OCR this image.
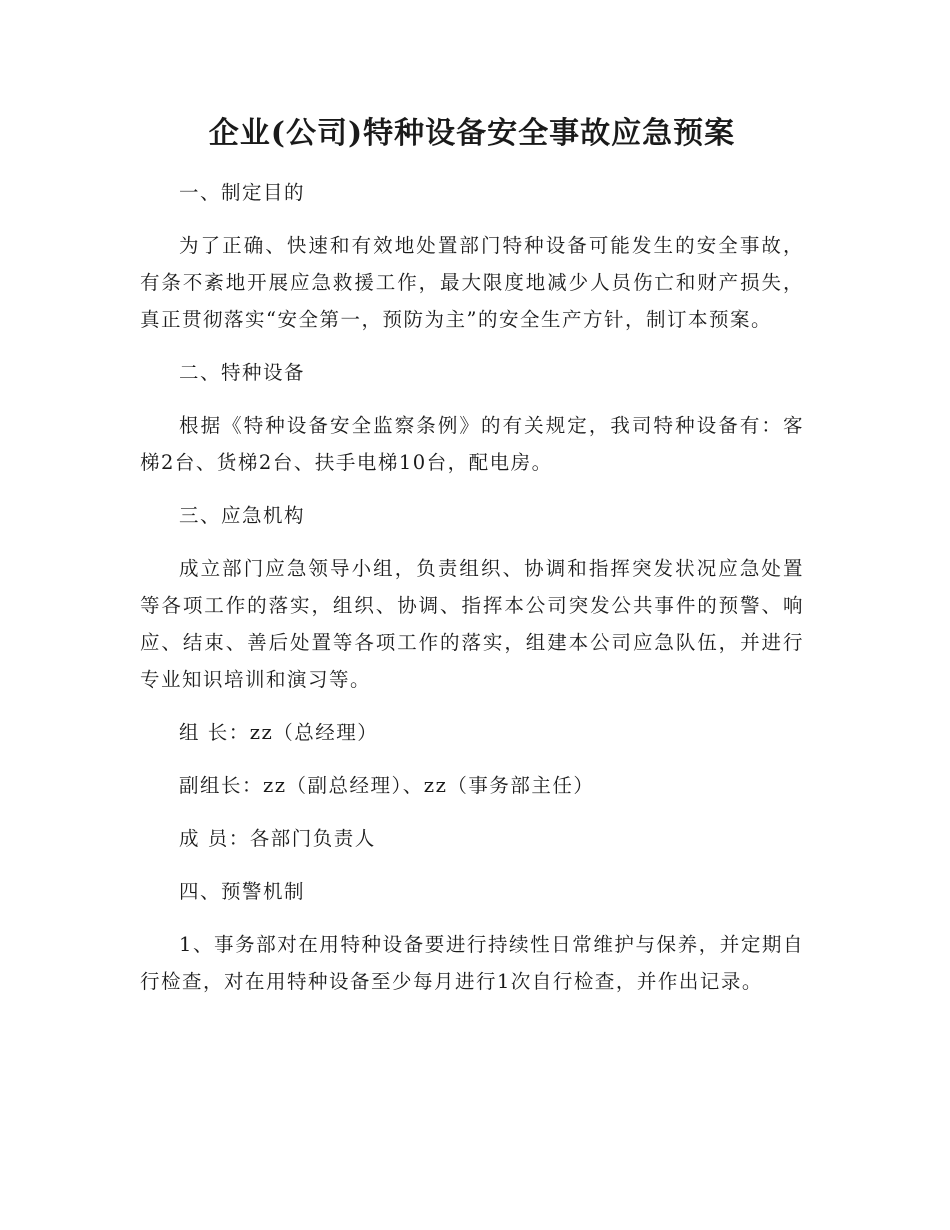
企业(公司)特种设备安全事故应急预案

一、制定目的

为了正确、快速和有效地处置部门特种设备可能发生的安全事故，有条不紊地开展应急救援工作，最大限度地减少人员伤亡和财产损失，真正贯彻落实“安全第一，预防为主”的安全生产方针，制订本预案。

二、特种设备

根据《特种设备安全监察条例》的有关规定，我司特种设备有：客梯2台、货梯2台、扶手电梯10台，配电房。

三、应急机构

成立部门应急领导小组，负责组织、协调和指挥突发状况应急处置等各项工作的落实，组织、协调、指挥本公司突发公共事件的预警、响应、结束、善后处置等各项工作的落实，组建本公司应急队伍，并进行专业知识培训和演习等。

组 长：zz（总经理）

副组长：zz（副总经理）、zz（事务部主任）

成 员：各部门负责人

四、预警机制

1、事务部对在用特种设备要进行持续性日常维护与保养，并定期自行检查，对在用特种设备至少每月进行1次自行检查，并作出记录。
